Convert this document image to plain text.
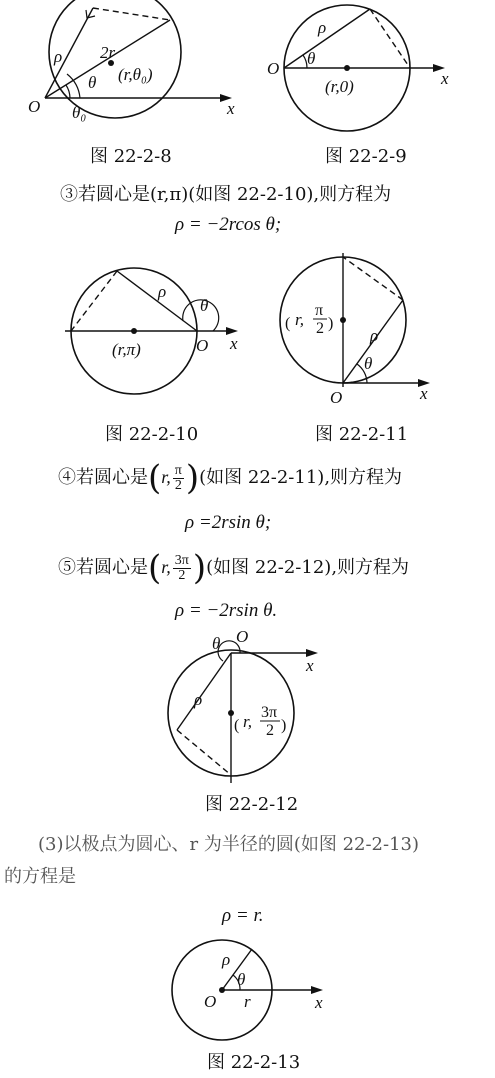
ρ 2r
θ (r,θ₀)
θ₀
O	x
图 22-2-8
ρ
θ
(r,0)
O
x
图 22-2-9
③若圆心是(r,π)(如图 22-2-10),则方程为
ρ = −2rcos θ;
ρ
θ
(r,π)	O x
图 22-2-10
ρ
θ
O	x
( r, π
2 )
图 22-2-11
④若圆心是(r, $\frac{\pi}{2}$ )(如图 22-2-11),则方程为
ρ =2rsin θ;
⑤若圆心是(r, $\frac{3\pi}{2}$ )(如图 22-2-12),则方程为
ρ = −2rsin θ.
ρ
θ O
x
( r, 3π
2 )
图 22-2-12
(3)以极点为圆心、r 为半径的圆(如图 22-2-13)
的方程是
ρ = r.
ρ
θ
r
O	x
图 22-2-13
